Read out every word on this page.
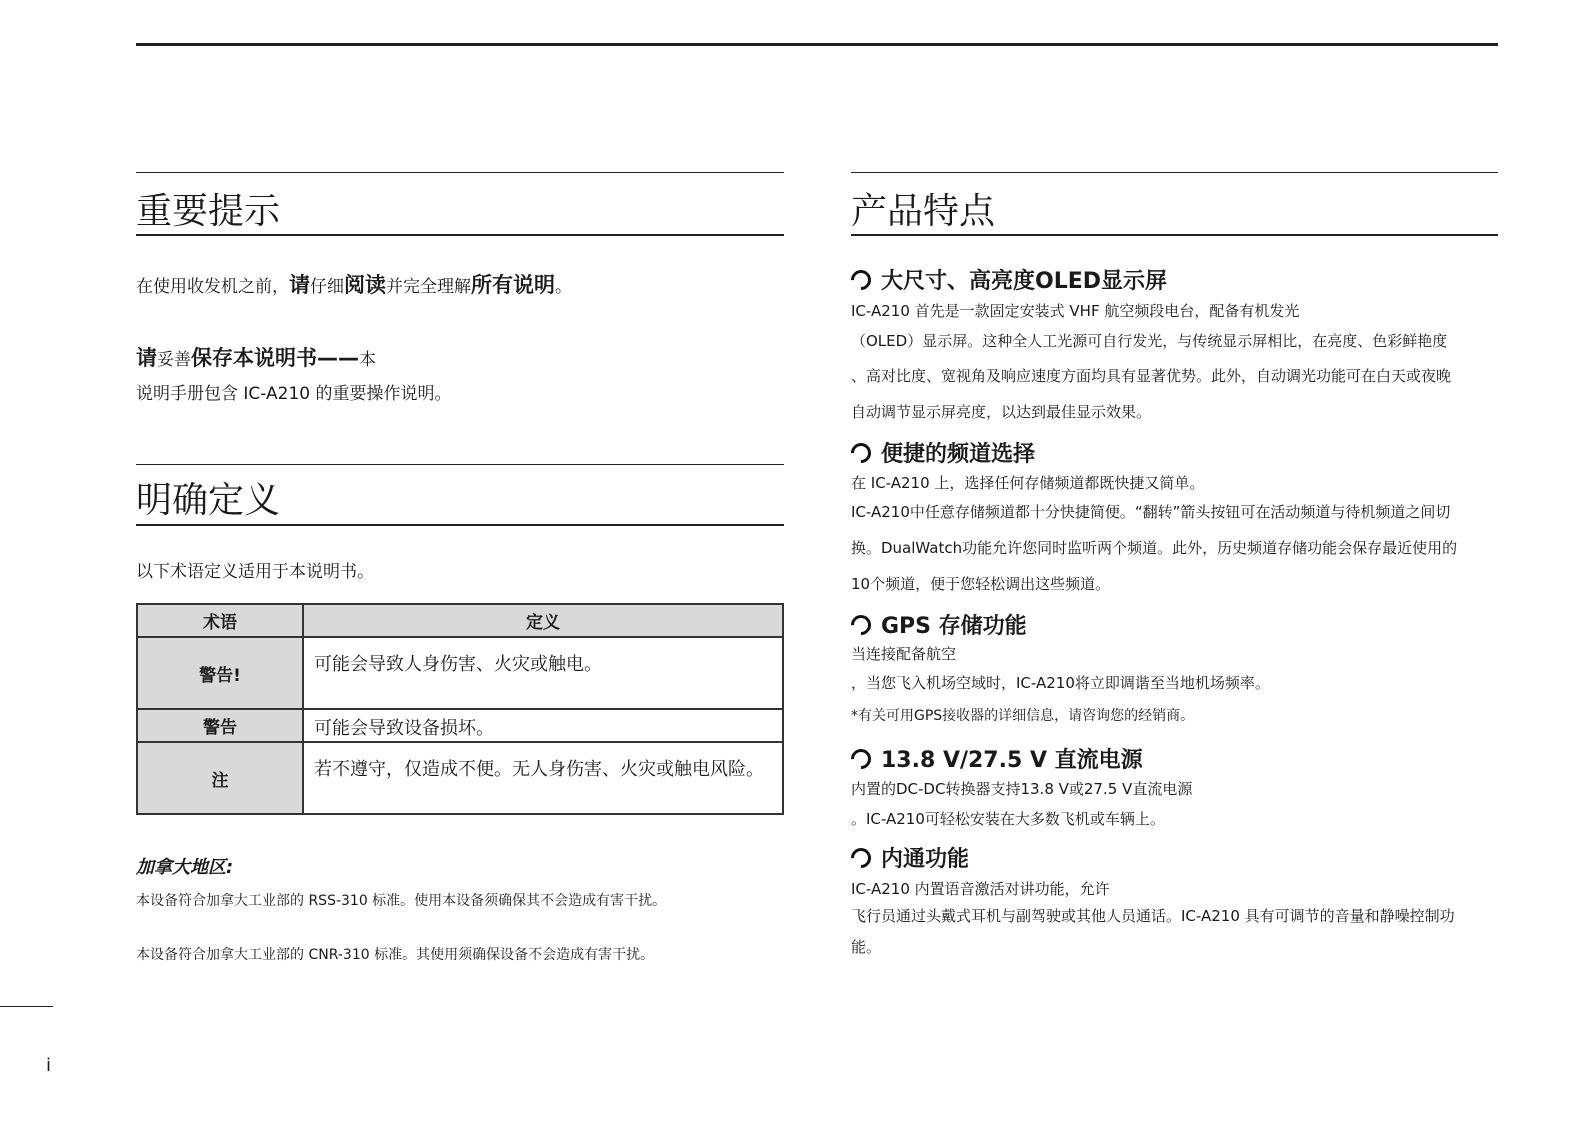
重要提示
在使用收发机之前，请仔细阅读并完全理解所有说明。
请妥善保存本说明书——本
说明手册包含 IC-A210 的重要操作说明。
明确定义
以下术语定义适用于本说明书。
术语	定义
警告!	可能会导致人身伤害、火灾或触电。
警告	可能会导致设备损坏。
注	若不遵守，仅造成不便。无人身伤害、火灾或触电风险。
加拿大地区:
本设备符合加拿大工业部的 RSS-310 标准。使用本设备须确保其不会造成有害干扰。
本设备符合加拿大工业部的 CNR-310 标准。其使用须确保设备不会造成有害干扰。
i
产品特点
大尺寸、高亮度OLED显示屏
IC-A210 首先是一款固定安装式 VHF 航空频段电台，配备有机发光
（OLED）显示屏。这种全人工光源可自行发光，与传统显示屏相比，在亮度、色彩鲜艳度
、高对比度、宽视角及响应速度方面均具有显著优势。此外，自动调光功能可在白天或夜晚
自动调节显示屏亮度，以达到最佳显示效果。
便捷的频道选择
在 IC-A210 上，选择任何存储频道都既快捷又简单。
IC-A210中任意存储频道都十分快捷简便。“翻转”箭头按钮可在活动频道与待机频道之间切
换。DualWatch功能允许您同时监听两个频道。此外，历史频道存储功能会保存最近使用的
10个频道，便于您轻松调出这些频道。
GPS 存储功能
当连接配备航空
，当您飞入机场空域时，IC-A210将立即调谐至当地机场频率。
*有关可用GPS接收器的详细信息，请咨询您的经销商。
13.8 V/27.5 V 直流电源
内置的DC-DC转换器支持13.8 V或27.5 V直流电源
。IC-A210可轻松安装在大多数飞机或车辆上。
内通功能
IC-A210 内置语音激活对讲功能，允许
飞行员通过头戴式耳机与副驾驶或其他人员通话。IC-A210 具有可调节的音量和静噪控制功
能。
